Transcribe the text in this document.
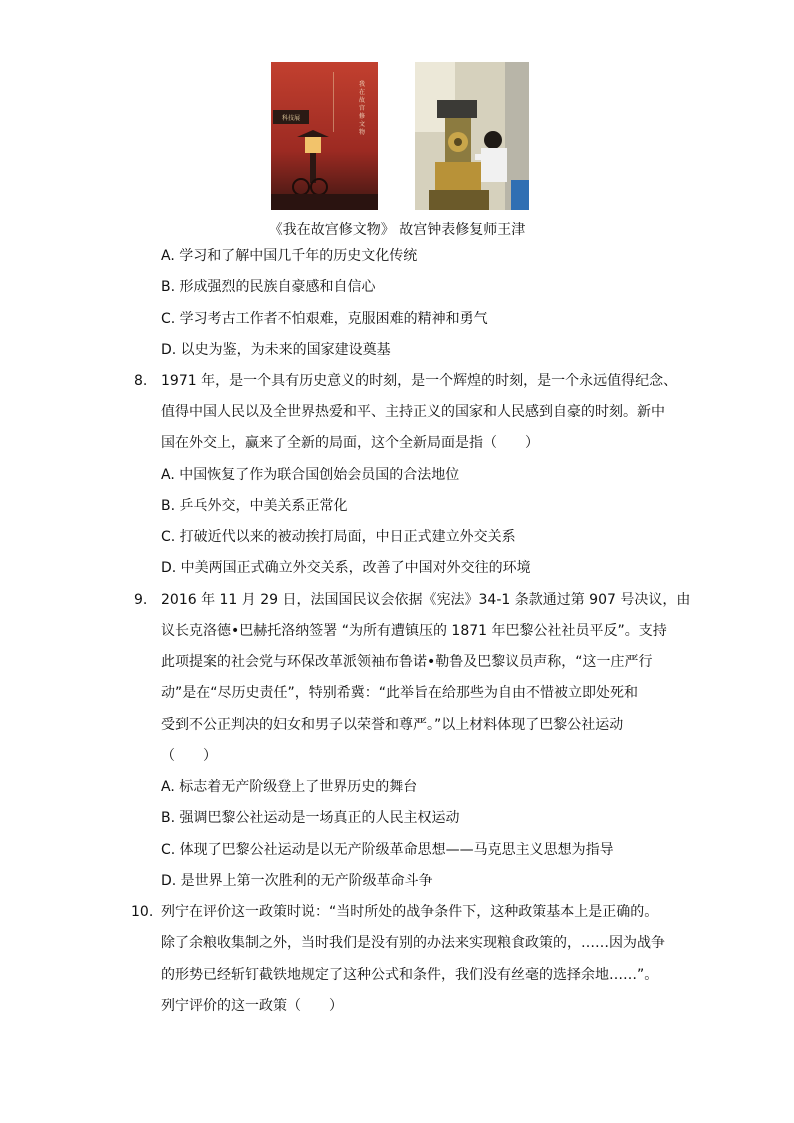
科技展
我
在
故
宫
修
文
物
《我在故宫修文物》 故宫钟表修复师王津
A. 学习和了解中国几千年的历史文化传统
B. 形成强烈的民族自豪感和自信心
C. 学习考古工作者不怕艰难，克服困难的精神和勇气
D. 以史为鉴，为未来的国家建设奠基
8. 1971 年，是一个具有历史意义的时刻，是一个辉煌的时刻，是一个永远值得纪念、
值得中国人民以及全世界热爱和平、主持正义的国家和人民感到自豪的时刻。新中
国在外交上，赢来了全新的局面，这个全新局面是指（　　）
A. 中国恢复了作为联合国创始会员国的合法地位
B. 乒乓外交，中美关系正常化
C. 打破近代以来的被动挨打局面，中日正式建立外交关系
D. 中美两国正式确立外交关系，改善了中国对外交往的环境
9. 2016 年 11 月 29 日，法国国民议会依据《宪法》34-1 条款通过第 907 号决议，由
议长克洛德•巴赫托洛纳签署 “为所有遭镇压的 1871 年巴黎公社社员平反”。支持
此项提案的社会党与环保改革派领袖布鲁诺•勒鲁及巴黎议员声称，“这一庄严行
动”是在“尽历史责任”，特别希冀：“此举旨在给那些为自由不惜被立即处死和
受到不公正判决的妇女和男子以荣誉和尊严。”以上材料体现了巴黎公社运动
（　　）
A. 标志着无产阶级登上了世界历史的舞台
B. 强调巴黎公社运动是一场真正的人民主权运动
C. 体现了巴黎公社运动是以无产阶级革命思想——马克思主义思想为指导
D. 是世界上第一次胜利的无产阶级革命斗争
10. 列宁在评价这一政策时说：“当时所处的战争条件下，这种政策基本上是正确的。
除了余粮收集制之外，当时我们是没有别的办法来实现粮食政策的，……因为战争
的形势已经斩钉截铁地规定了这种公式和条件，我们没有丝毫的选择余地……”。
列宁评价的这一政策（　　）
